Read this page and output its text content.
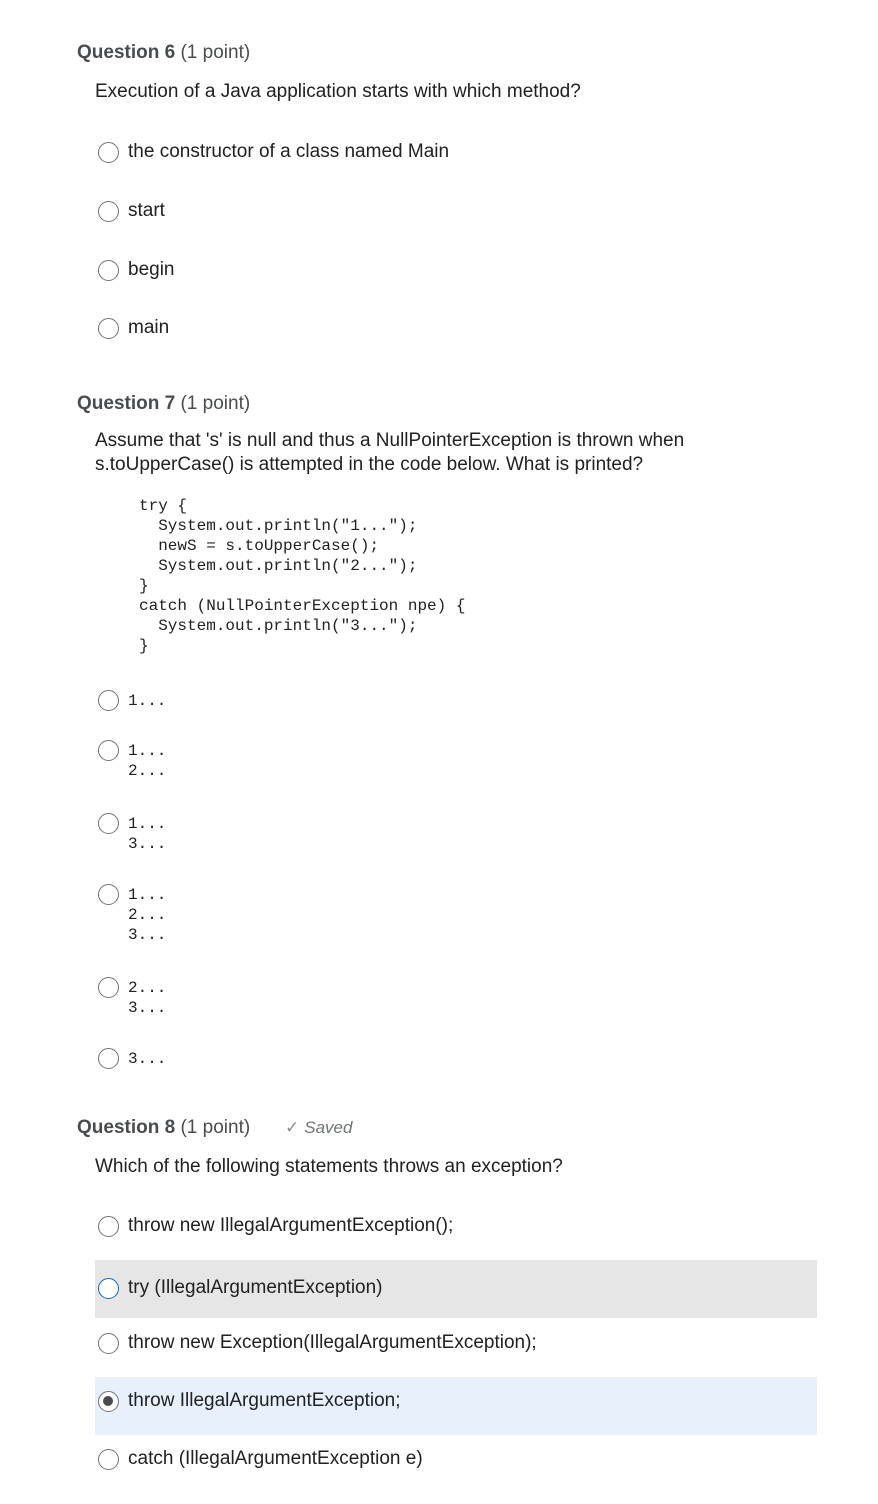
Question 6 (1 point)
Execution of a Java application starts with which method?
the constructor of a class named Main
start
begin
main
Question 7 (1 point)
Assume that 's' is null and thus a NullPointerException is thrown when s.toUpperCase() is attempted in the code below. What is printed?
try {
System.out.println("1...");
newS = s.toUpperCase();
System.out.println("2...");
}
catch (NullPointerException npe) {
System.out.println("3...");
}
1...
1...
2...
1...
3...
1...
2...
3...
2...
3...
3...
Question 8 (1 point) ✓ Saved
Which of the following statements throws an exception?
throw new IllegalArgumentException();
try (IllegalArgumentException)
throw new Exception(IllegalArgumentException);
throw IllegalArgumentException;
catch (IllegalArgumentException e)
